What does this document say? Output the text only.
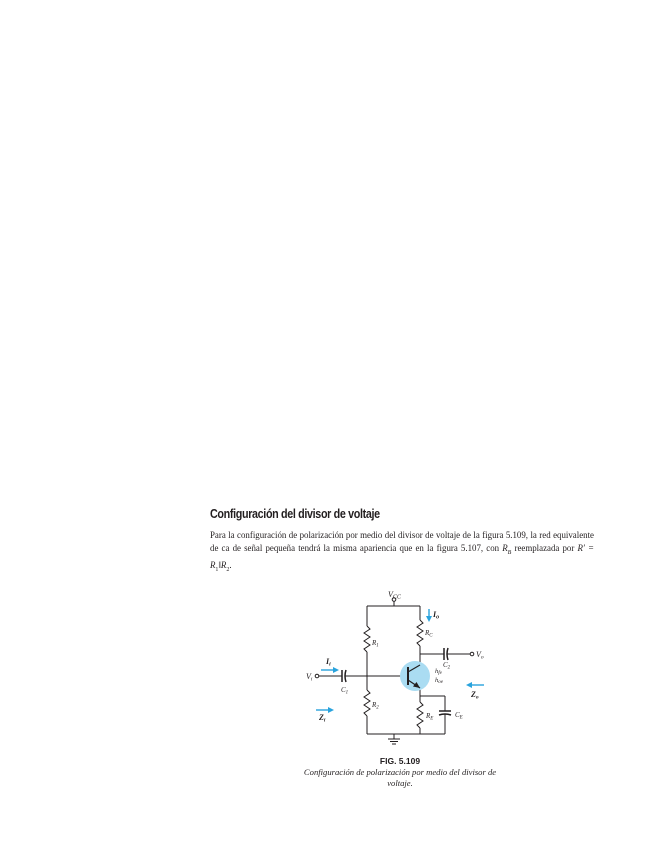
Configuración del divisor de voltaje

Para la configuración de polarización por medio del divisor de voltaje de la figura 5.109, la red equivalente de ca de señal pequeña tendrá la misma apariencia que en la figura 5.107, con $R_B$ reemplazada por $R' = R_1‖R_2$.

VCC
Io
$R_1$
$R_C$
$C_2$
Vo
Ii
Vi
$C_1$
hfe
hoe
Zo
$R_2$
$R_E$	$C_E$
Zi
FIG. 5.109
Configuración de polarización por medio del divisor de voltaje.
